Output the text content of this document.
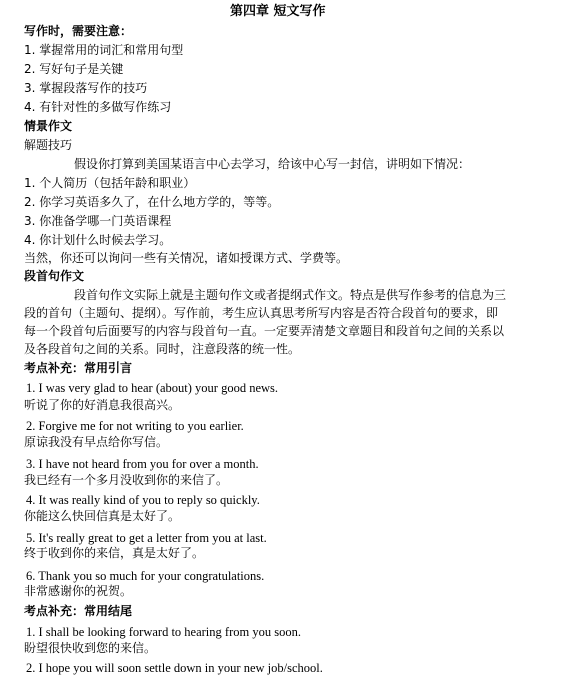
第四章 短文写作
写作时，需要注意：
1. 掌握常用的词汇和常用句型
2. 写好句子是关键
3. 掌握段落写作的技巧
4. 有针对性的多做写作练习
情景作文
解题技巧
假设你打算到美国某语言中心去学习，给该中心写一封信，讲明如下情况：
1. 个人简历（包括年龄和职业）
2. 你学习英语多久了，在什么地方学的，等等。
3. 你准备学哪一门英语课程
4. 你计划什么时候去学习。
当然，你还可以询问一些有关情况，诸如授课方式、学费等。
段首句作文
段首句作文实际上就是主题句作文或者提纲式作文。特点是供写作参考的信息为三
段的首句（主题句、提纲）。写作前，考生应认真思考所写内容是否符合段首句的要求，即
每一个段首句后面要写的内容与段首句一直。一定要弄清楚文章题目和段首句之间的关系以
及各段首句之间的关系。同时，注意段落的统一性。
考点补充：常用引言
1. I was very glad to hear (about) your good news.
听说了你的好消息我很高兴。
2. Forgive me for not writing to you earlier.
原谅我没有早点给你写信。
3. I have not heard from you for over a month.
我已经有一个多月没收到你的来信了。
4. It was really kind of you to reply so quickly.
你能这么快回信真是太好了。
5. It's really great to get a letter from you at last.
终于收到你的来信，真是太好了。
6. Thank you so much for your congratulations.
非常感谢你的祝贺。
考点补充：常用结尾
1. I shall be looking forward to hearing from you soon.
盼望很快收到您的来信。
2. I hope you will soon settle down in your new job/school.
